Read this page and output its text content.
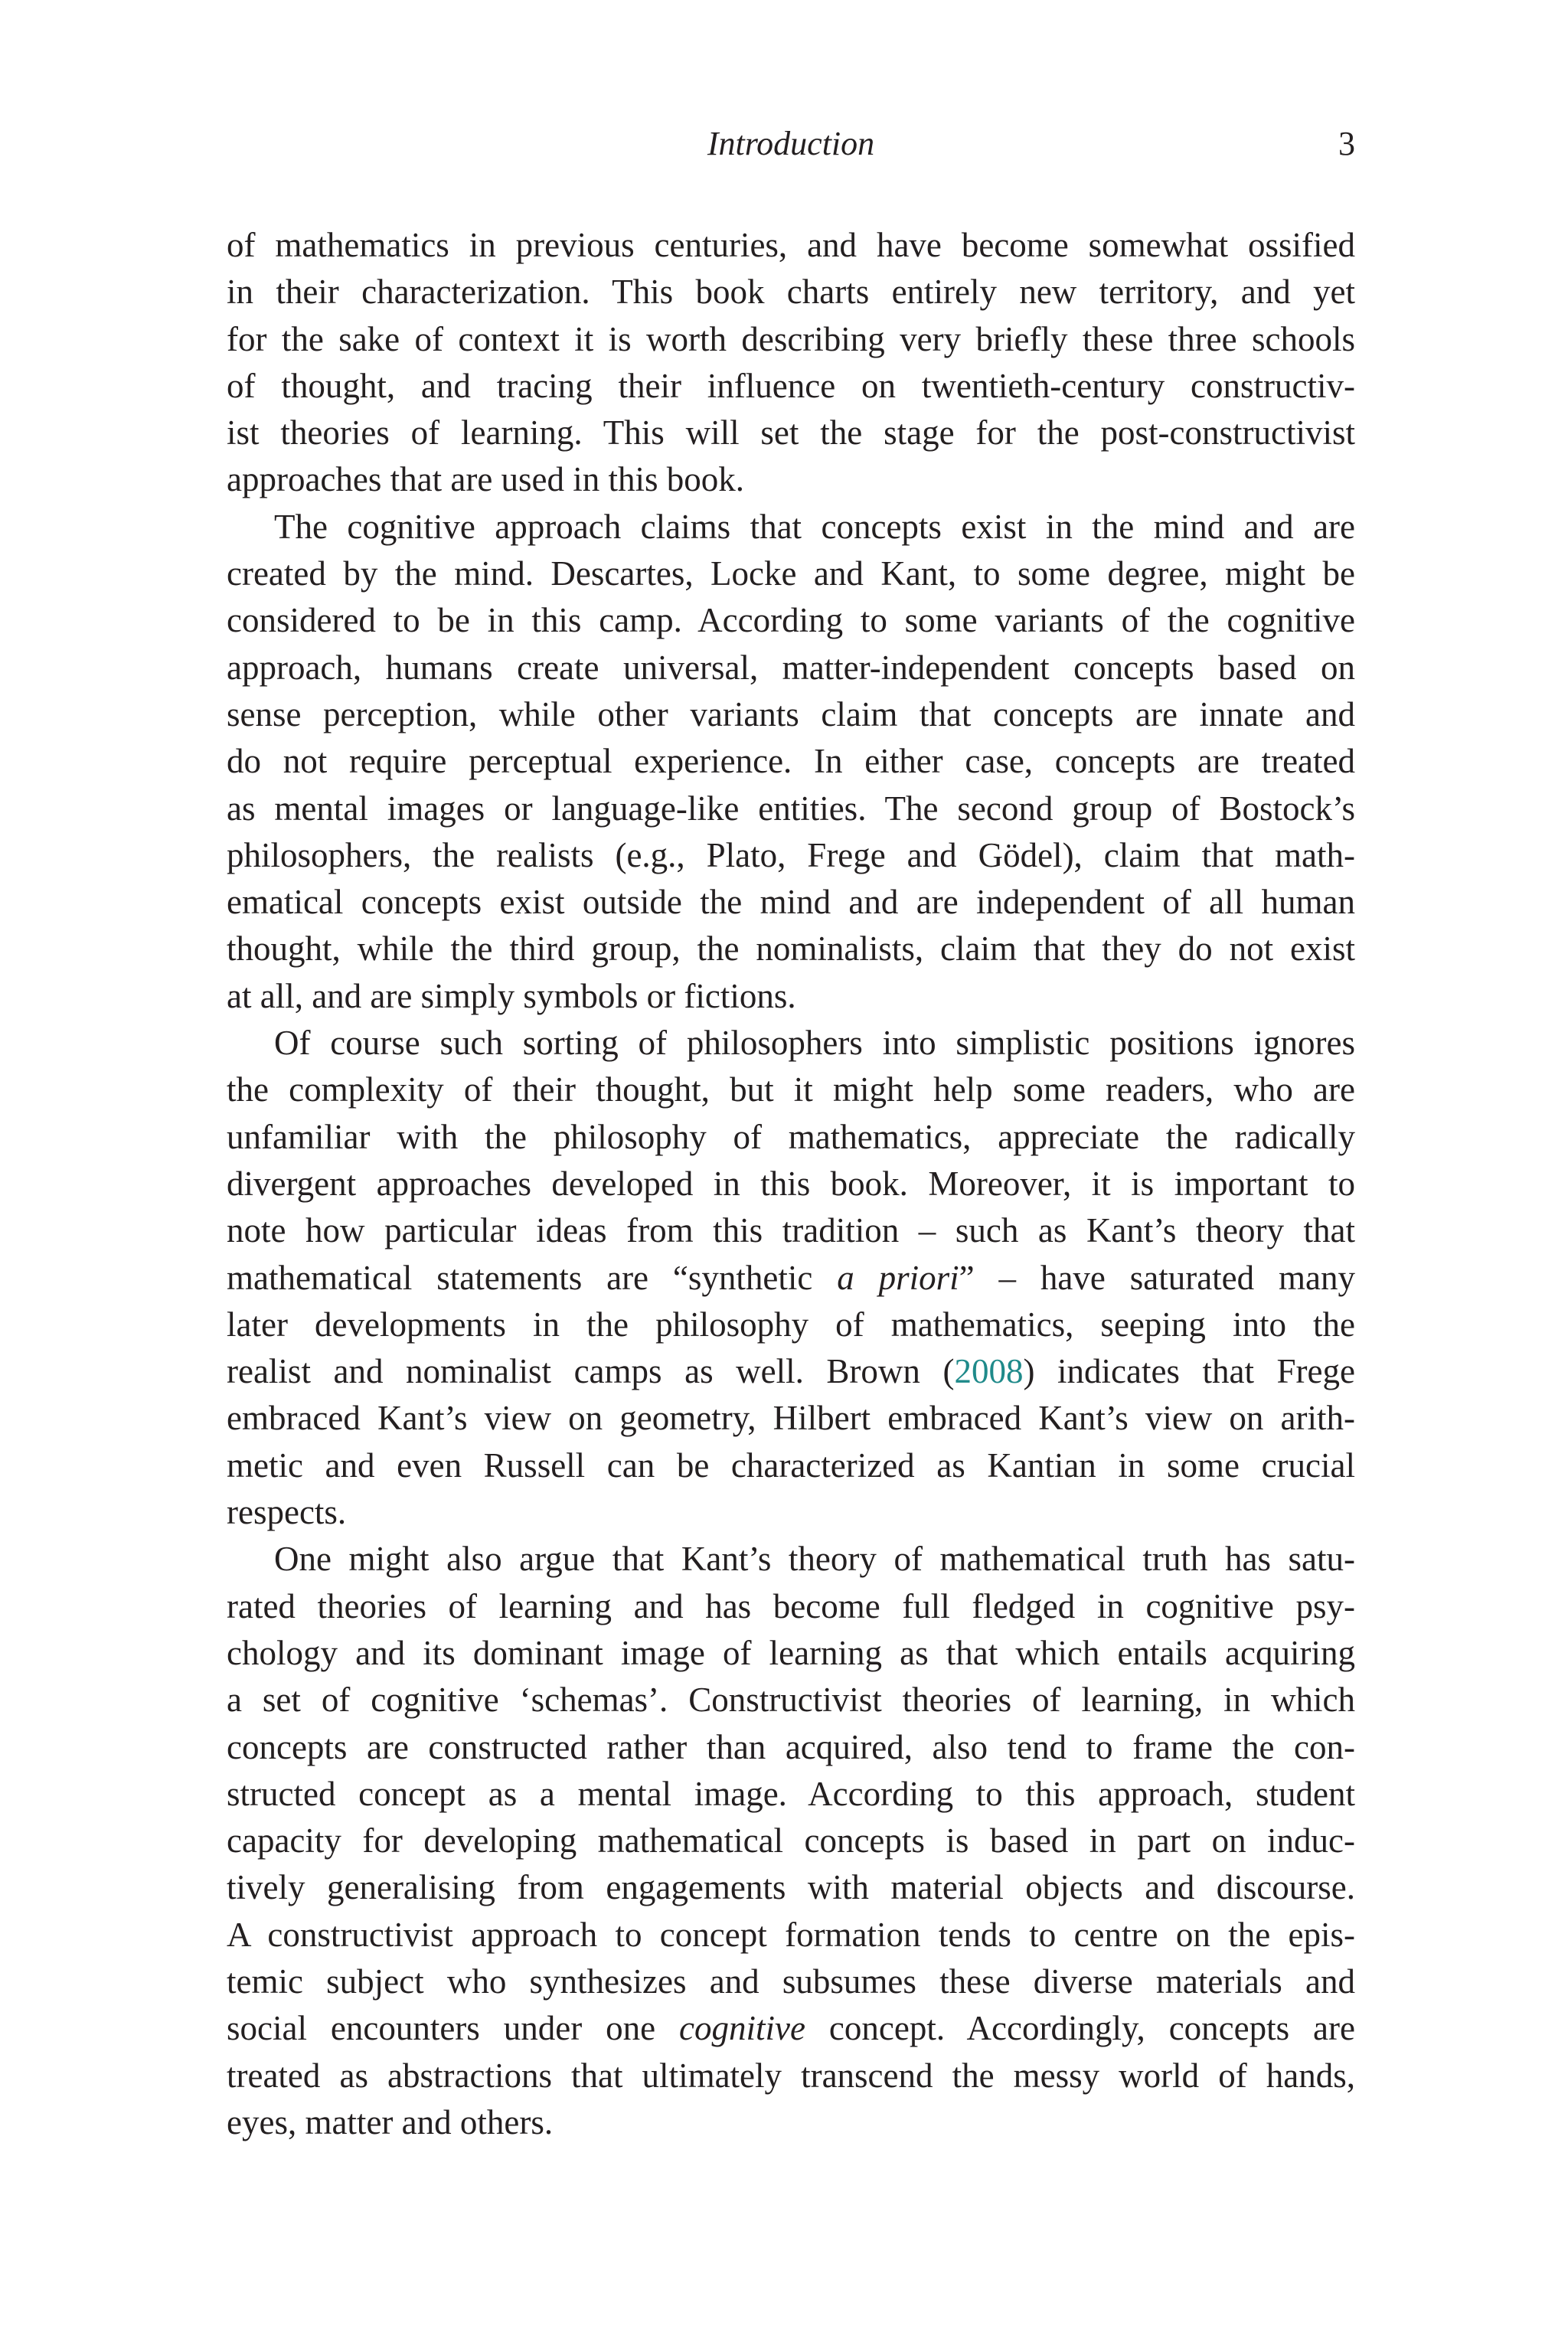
Introduction	3
of mathematics in previous centuries, and have become somewhat ossified
in their characterization. This book charts entirely new territory, and yet
for the sake of context it is worth describing very briefly these three schools
of thought, and tracing their influence on twentieth-century constructiv-
ist theories of learning. This will set the stage for the post-constructivist
approaches that are used in this book.
The cognitive approach claims that concepts exist in the mind and are
created by the mind. Descartes, Locke and Kant, to some degree, might be
considered to be in this camp. According to some variants of the cognitive
approach, humans create universal, matter-independent concepts based on
sense perception, while other variants claim that concepts are innate and
do not require perceptual experience. In either case, concepts are treated
as mental images or language-like entities. The second group of Bostock’s
philosophers, the realists (e.g., Plato, Frege and Gödel), claim that math-
ematical concepts exist outside the mind and are independent of all human
thought, while the third group, the nominalists, claim that they do not exist
at all, and are simply symbols or fictions.
Of course such sorting of philosophers into simplistic positions ignores
the complexity of their thought, but it might help some readers, who are
unfamiliar with the philosophy of mathematics, appreciate the radically
divergent approaches developed in this book. Moreover, it is important to
note how particular ideas from this tradition – such as Kant’s theory that
mathematical statements are “synthetic a priori” – have saturated many
later developments in the philosophy of mathematics, seeping into the
realist and nominalist camps as well. Brown (2008) indicates that Frege
embraced Kant’s view on geometry, Hilbert embraced Kant’s view on arith-
metic and even Russell can be characterized as Kantian in some crucial
respects.
One might also argue that Kant’s theory of mathematical truth has satu-
rated theories of learning and has become full fledged in cognitive psy-
chology and its dominant image of learning as that which entails acquiring
a set of cognitive ‘schemas’. Constructivist theories of learning, in which
concepts are constructed rather than acquired, also tend to frame the con-
structed concept as a mental image. According to this approach, student
capacity for developing mathematical concepts is based in part on induc-
tively generalising from engagements with material objects and discourse.
A constructivist approach to concept formation tends to centre on the epis-
temic subject who synthesizes and subsumes these diverse materials and
social encounters under one cognitive concept. Accordingly, concepts are
treated as abstractions that ultimately transcend the messy world of hands,
eyes, matter and others.
